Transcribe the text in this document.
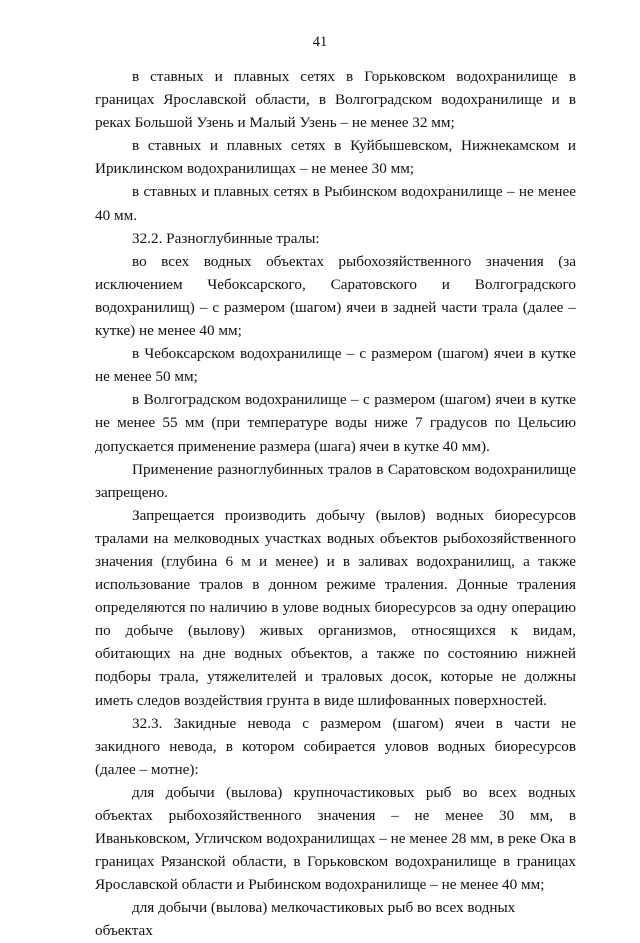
41

в ставных и плавных сетях в Горьковском водохранилище в границах Ярославской области, в Волгоградском водохранилище и в реках Большой Узень и Малый Узень – не менее 32 мм;

в ставных и плавных сетях в Куйбышевском, Нижнекамском и Ириклинском водохранилищах – не менее 30 мм;

в ставных и плавных сетях в Рыбинском водохранилище – не менее 40 мм.

32.2. Разноглубинные тралы:

во всех водных объектах рыбохозяйственного значения (за исключением Чебоксарского, Саратовского и Волгоградского водохранилищ) – с размером (шагом) ячеи в задней части трала (далее – кутке) не менее 40 мм;

в Чебоксарском водохранилище – с размером (шагом) ячеи в кутке не менее 50 мм;

в Волгоградском водохранилище – с размером (шагом) ячеи в кутке не менее 55 мм (при температуре воды ниже 7 градусов по Цельсию допускается применение размера (шага) ячеи в кутке 40 мм).

Применение разноглубинных тралов в Саратовском водохранилище запрещено.

Запрещается производить добычу (вылов) водных биоресурсов тралами на мелководных участках водных объектов рыбохозяйственного значения (глубина 6 м и менее) и в заливах водохранилищ, а также использование тралов в донном режиме траления. Донные траления определяются по наличию в улове водных биоресурсов за одну операцию по добыче (вылову) живых организмов, относящихся к видам, обитающих на дне водных объектов, а также по состоянию нижней подборы трала, утяжелителей и траловых досок, которые не должны иметь следов воздействия грунта в виде шлифованных поверхностей.

32.3. Закидные невода с размером (шагом) ячеи в части не закидного невода, в котором собирается уловов водных биоресурсов (далее – мотне):

для добычи (вылова) крупночастиковых рыб во всех водных объектах рыбохозяйственного значения – не менее 30 мм, в Иваньковском, Угличском водохранилищах – не менее 28 мм, в реке Ока в границах Рязанской области, в Горьковском водохранилище в границах Ярославской области и Рыбинском водохранилище – не менее 40 мм;

для добычи (вылова) мелкочастиковых рыб во всех водных объектах
